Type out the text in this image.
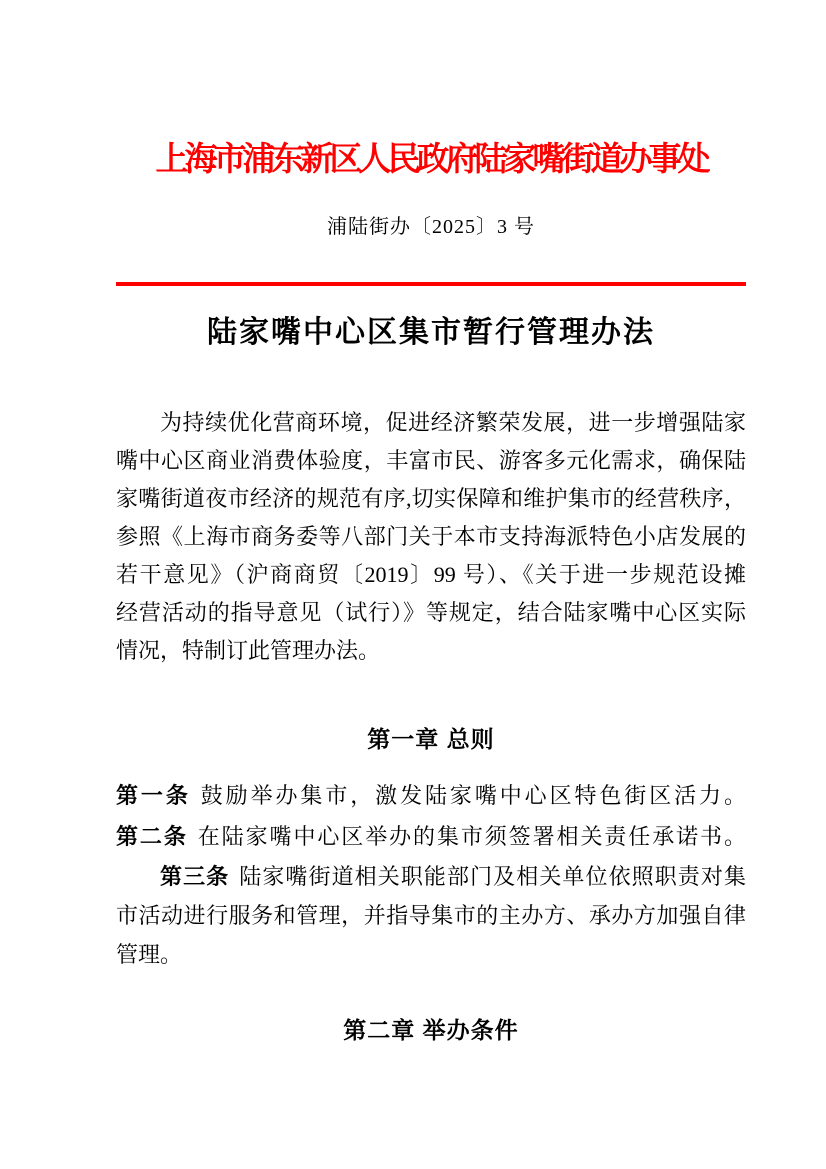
上海市浦东新区人民政府陆家嘴街道办事处
浦陆街办〔2025〕3 号
陆家嘴中心区集市暂行管理办法
为持续优化营商环境，促进经济繁荣发展，进一步增强陆家
嘴中心区商业消费体验度，丰富市民、游客多元化需求，确保陆
家嘴街道夜市经济的规范有序,切实保障和维护集市的经营秩序，
参照《上海市商务委等八部门关于本市支持海派特色小店发展的
若干意见》（沪商商贸〔2019〕99 号）、《关于进一步规范设摊
经营活动的指导意见（试行）》等规定，结合陆家嘴中心区实际
情况，特制订此管理办法。
第一章 总则
第一条 鼓励举办集市，激发陆家嘴中心区特色街区活力。
第二条 在陆家嘴中心区举办的集市须签署相关责任承诺书。
第三条 陆家嘴街道相关职能部门及相关单位依照职责对集
市活动进行服务和管理，并指导集市的主办方、承办方加强自律
管理。
第二章 举办条件
